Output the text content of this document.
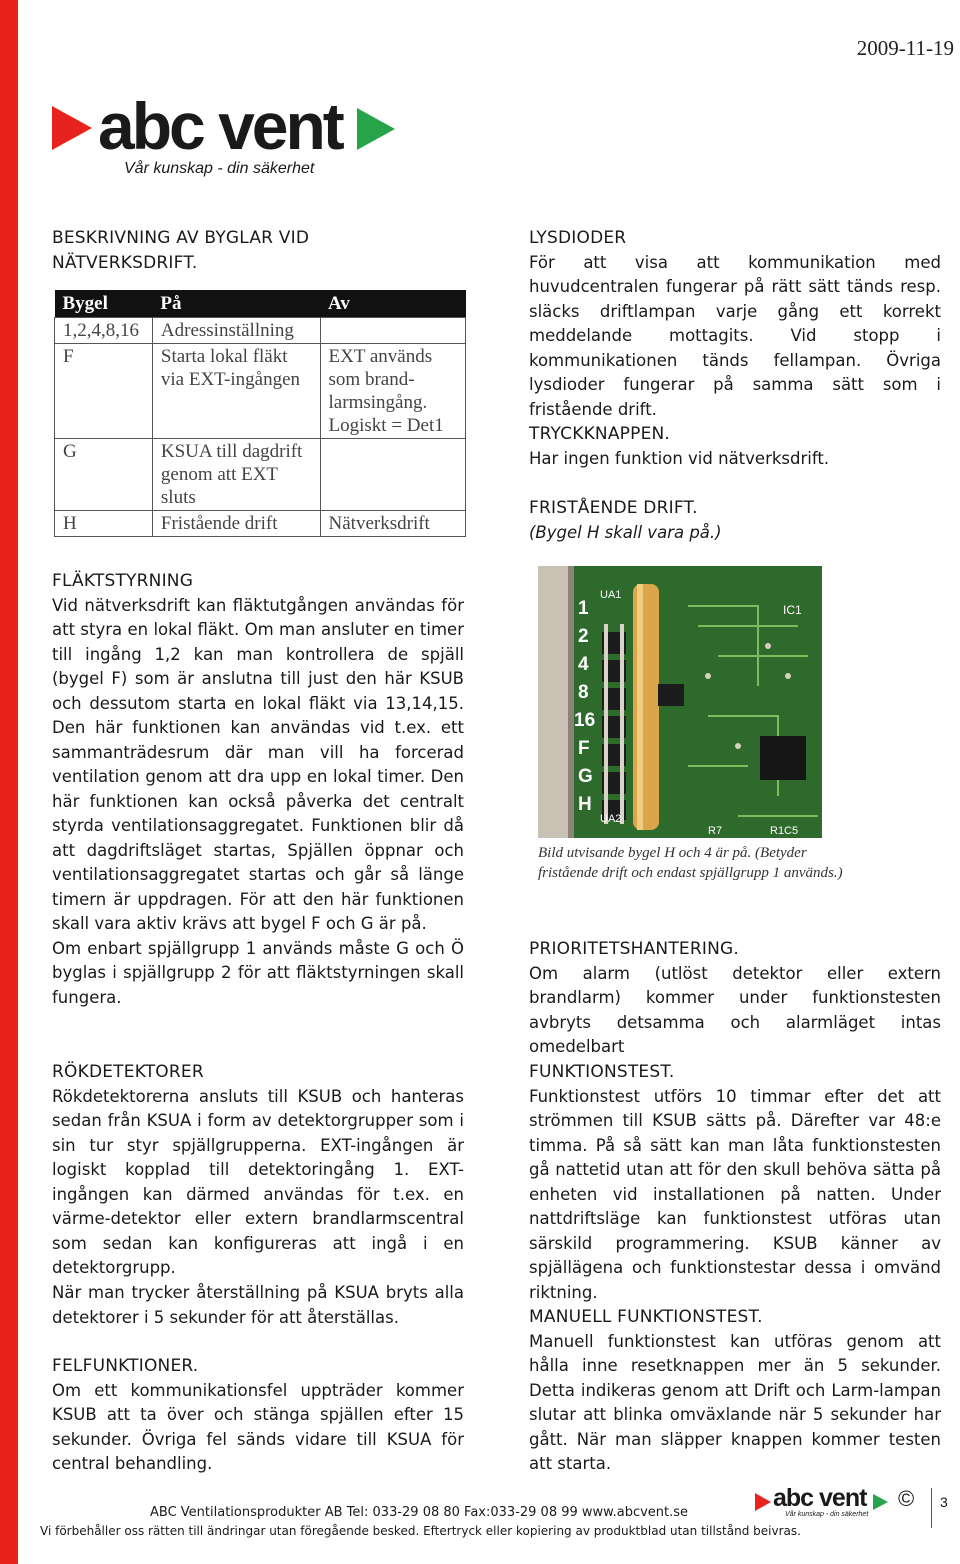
2009-11-19
abc vent
Vår kunskap - din säkerhet

BESKRIVNING AV BYGLAR VID

NÄTVERKSDRIFT.

Bygel	På	Av
1,2,4,8,16	Adressinställning	
F	Starta lokal fläkt via EXT-ingången	EXT används som brand-larmsingång. Logiskt = Det1
G	KSUA till dagdrift genom att EXT sluts	
H	Fristående drift	Nätverksdrift

LYSDIODER

För att visa att kommunikation med huvudcentralen fungerar på rätt sätt tänds resp. släcks driftlampan varje gång ett korrekt meddelande mottagits. Vid stopp i kommunikationen tänds fellampan. Övriga lysdioder fungerar på samma sätt som i fristående drift.

TRYCKKNAPPEN.

Har ingen funktion vid nätverksdrift.

FRISTÅENDE DRIFT.

(Bygel H skall vara på.)

FLÄKTSTYRNING

Vid nätverksdrift kan fläktutgången användas för att styra en lokal fläkt. Om man ansluter en timer till ingång 1,2 kan man kontrollera de spjäll (bygel F) som är anslutna till just den här KSUB och dessutom starta en lokal fläkt via 13,14,15. Den här funktionen kan användas vid t.ex. ett sammanträdesrum där man vill ha forcerad ventilation genom att dra upp en lokal timer. Den här funktionen kan också påverka det centralt styrda ventilationsaggregatet. Funktionen blir då att dagdriftsläget startas, Spjällen öppnar och ventilationsaggregatet startas och går så länge timern är uppdragen. För att den här funktionen skall vara aktiv krävs att bygel F och G är på.

Om enbart spjällgrupp 1 används måste G och Ö byglas i spjällgrupp 2 för att fläktstyrningen skall fungera.

1
2
4
8
16
F
G
H
UA1
IC1
UA2
R7	R1C5
Bild utvisande bygel H och 4 är på. (Betyder fristående drift och endast spjällgrupp 1 används.)

PRIORITETSHANTERING.

Om alarm (utlöst detektor eller extern brandlarm) kommer under funktionstesten avbryts detsamma och alarmläget intas omedelbart

RÖKDETEKTORER

Rökdetektorerna ansluts till KSUB och hanteras sedan från KSUA i form av detektorgrupper som i sin tur styr spjällgrupperna. EXT-ingången är logiskt kopplad till detektoringång 1. EXT-ingången kan därmed användas för t.ex. en värme-detektor eller extern brandlarmscentral som sedan kan konfigureras att ingå i en detektorgrupp.

När man trycker återställning på KSUA bryts alla detektorer i 5 sekunder för att återställas.

FUNKTIONSTEST.

Funktionstest utförs 10 timmar efter det att strömmen till KSUB sätts på. Därefter var 48:e timma. På så sätt kan man låta funktionstesten gå nattetid utan att för den skull behöva sätta på enheten vid installationen på natten. Under nattdriftsläge kan funktionstest utföras utan särskild programmering. KSUB känner av spjällägena och funktionstestar dessa i omvänd riktning.

FELFUNKTIONER.

Om ett kommunikationsfel uppträder kommer KSUB att ta över och stänga spjällen efter 15 sekunder. Övriga fel sänds vidare till KSUA för central behandling.

MANUELL FUNKTIONSTEST.

Manuell funktionstest kan utföras genom att hålla inne resetknappen mer än 5 sekunder. Detta indikeras genom att Drift och Larm-lampan slutar att blinka omväxlande när 5 sekunder har gått. När man släpper knappen kommer testen att starta.

ABC Ventilationsprodukter AB Tel: 033-29 08 80 Fax:033-29 08 99 www.abcvent.se
Vi förbehåller oss rätten till ändringar utan föregående besked. Eftertryck eller kopiering av produktblad utan tillstånd beivras.
abc vent
Vår kunskap - din säkerhet
© 3
